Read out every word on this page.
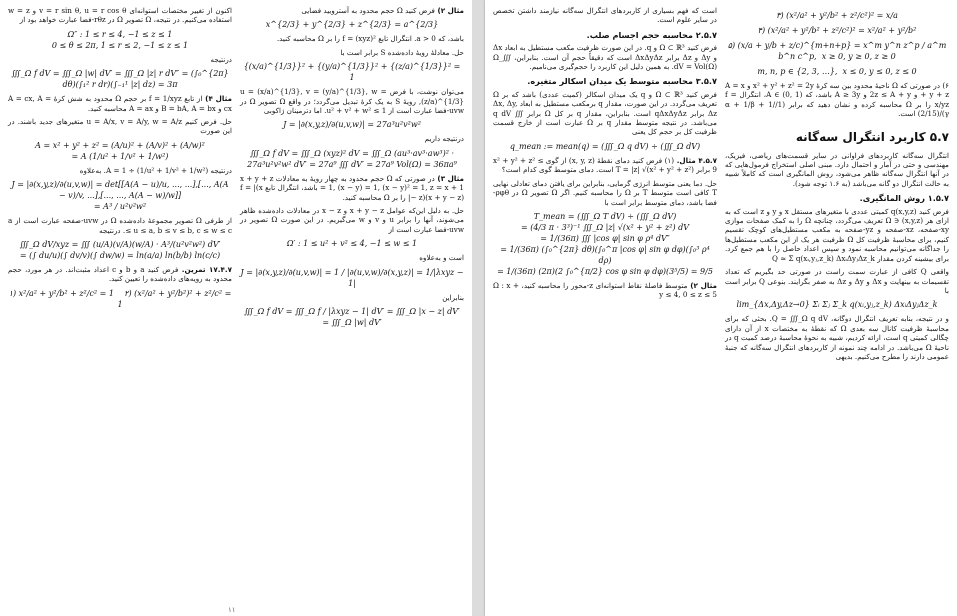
مثال ۲) فرض کنید Ω حجم محدود به آسترویید فضایی

x^{2/3} + y^{2/3} + z^{2/3} = a^{2/3}

باشد، که a > 0. انتگرال تابع f = (xyz)² را بر Ω محاسبه کنید.

حل. معادلهٔ رویهٔ داده‌شده S برابر است با

{(x/a)^{1/3}}² + {(y/a)^{1/3}}² + {(z/a)^{1/3}}² = 1

می‌توان نوشت، با فرض u = (x/a)^{1/3}, v = (y/a)^{1/3}, w = (z/a)^{1/3}, رویهٔ S به یک کرهٔ تبدیل می‌گردد؛ در واقع Ω تصویر Ω در uvw-فضا عبارت است از u² + v² + w² ≤ 1. اما دترمینان ژاکوبی

J = |∂(x,y,z)/∂(u,v,w)| = 27a³u²v²w²

درنتیجه داریم

∭_Ω f dV = ∭_Ω (xyz)² dV = ∭_Ω (au³·av³·aw³)² · 27a³u²v²w² dV′ = 27a⁹ ∭ dV′ = 27a⁹ Vol(Ω) = 36πa⁹

مثال ۳) در صورتی که Ω حجم محدود به چهار رویهٔ به معادلات x + y + z = 1, (x − y) = 1, (x − y)² = 1, z = x + 1 باشد، انتگرال تابع f = |(x − z)(x + y − z)| را بر Ω محاسبه کنید.

حل. به دلیل این‌که عوامل x + y − z و x − z در معادلات داده‌شده ظاهر می‌شوند، آنها را برابر u و v و w می‌گیریم. در این صورت Ω تصویر در uvw-فضا عبارت است از

Ω′ : 1 ≤ u² + v² ≤ 4, −1 ≤ w ≤ 1

است و به‌علاوه

J = |∂(x,y,z)/∂(u,v,w)| = 1 / |∂(u,v,w)/∂(x,y,z)| = 1/|λxyz − 1|

بنابراین

∭_Ω f dV = ∭_Ω f / |λxyz − 1| dV′ = ∭_Ω |x − z| dV′ = ∭_Ω |w| dV′

اکنون از تغییر مختصات استوانه‌ای v = r sin θ, u = r cos θ و w = z استفاده می‌کنیم. در نتیجه، Ω تصویر Ω در rθz-فضا عبارت خواهد بود از

Ω″ : 1 ≤ r ≤ 4, −1 ≤ z ≤ 1
0 ≤ θ ≤ 2π, 1 ≤ r ≤ 2, −1 ≤ z ≤ 1

درنتیجه

∭_Ω f dV = ∭_Ω |w| dV′ = ∭_Ω |z| r dV″ = (∫₀^{2π} dθ)(∫₁² r dr)(∫₋₁¹ |z| dz) = 3π

مثال ۴) از تابع f = 1/xyz بر حجم Ω محدود به شش کرهٔ A = cx, A = cx و B = bA, A = bx و A = ax محاسبه کنید.

حل. فرض کنیم u = A/x, v = A/y, w = A/z متغیرهای جدید باشند. در این صورت

A = x² + y² + z² = (A/u)² + (A/v)² + (A/w)²
= A (1/u² + 1/v² + 1/w²)

درنتیجه A = 1 ÷ (1/u² + 1/v² + 1/w²). به‌علاوه

J = |∂(x,y,z)/∂(u,v,w)| = det[[A(A − u)/u, ..., ...],[..., A(A − v)/v, ...],[..., ..., A(A − w)/w]]
= A³ / u²v²w²

از طرفی Ω تصویر مجموعهٔ داده‌شده Ω در uvw-صفحه عبارت است از a ≤ u ≤ a, b ≤ v ≤ b, c ≤ w ≤ c. درنتیجه

∭_Ω dV/xyz = ∭ (u/A)(v/A)(w/A) · A³/(u²v²w²) dV′
= (∫ du/u)(∫ dv/v)(∫ dw/w) = ln(a/a) ln(b/b) ln(c/c)

۱۷.۴.۷ تمرین. فرض کنید a و b و c اعداد مثبت‌اند. در هر مورد، حجم محدود به رویه‌های داده‌شده را تعیین کنید.

۱) x²/a² + y²/b² + z²/c² = 1    ۲) (x²/a² + y²/b²)² + z²/c² = 1
۱۱
۳) (x²/a² + y²/b² + z²/c²)² = x/a
۴) (x²/a² + y²/b² + z²/c²)² = x²/a² + y²/b²
۵) (x/a + y/b + z/c)^{m+n+p} = x^m y^n z^p / a^m b^n c^p,  x ≥ 0, y ≥ 0, z ≥ 0
m, n, p ∈ {2, 3, …},  x ≤ 0, y ≤ 0, z ≤ 0

۶) در صورتی که Ω ناحیهٔ محدود بین سه کرهٔ x² + y² + z² = 2y و A = x + y + z و 2z ≤ A + y و A ≥ 3y باشد، که A ∈ (0, 1)، انتگرال f = x/yz را بر Ω محاسبه کرده و نشان دهید که برابر (1/α + 1/β + 1/γ)/(2/15) است.

۵.۷ کاربرد انتگرال سه‌گانه

انتگرال سه‌گانه کاربردهای فراوانی در سایر قسمت‌های ریاضی، فیزیک، مهندسی و حتی در آمار و احتمال دارد. مبنی اصلی استخراج فرمول‌هایی که در آنها انتگرال سه‌گانه ظاهر می‌شود، روش المانگیری است که کاملاً شبیه به حالت انتگرال دو گانه می‌باشد (به ۱.۶ توجه شود).

۱.۵.۷ روش المانگیری.

فرض کنید q(x,y,z) کمیتی عددی با متغیرهای مستقل x و y و z است که به ازای هر (x,y,z) ∈ Ω تعریف می‌گردد، چنانچه Ω را به کمک صفحات موازی xy-صفحه، xz-صفحه و yz-صفحه به مکعب مستطیل‌های کوچک تقسیم کنیم، برای محاسبهٔ ظرفیت کل Ω ظرفیت هر یک از این مکعب مستطیل‌ها را جداگانه می‌توانیم محاسبه نمود و سپس اعداد حاصل را با هم جمع کرد. برای بیشینه کردن مقدار Q ≈ Σ q(xᵢ,yⱼ,z_k) ΔxᵢΔyⱼΔz_k

واقعی Q کافی از عبارت سمت راست در صورتی حد بگیریم که تعداد تقسیمات به بینهایت و Δx و Δy و Δz به صفر بگرایند. بنوعی Q برابر است با

lim_{Δx,Δy,Δz→0} Σᵢ Σⱼ Σ_k q(xᵢ,yⱼ,z_k) ΔxᵢΔyⱼΔz_k

و در نتیجه، بنابه تعریف انتگرال دوگانه، Q = ∭_Ω q dV. بحثی که برای محاسبهٔ ظرفیت کانال سه بعدی Ω که نقطهٔ به مختصات x از آن دارای چگالی کمیتی q است، ارائه کردیم، شبیه به نحوهٔ محاسبهٔ درصد کمیت q در ناحیهٔ Ω می‌باشد. در ادامه چند نمونه از کاربردهای انتگرال سه‌گانه که جنبهٔ عمومی دارند را مطرح می‌کنیم. بدیهی

است که فهم بسیاری از کاربردهای انتگرال سه‌گانه نیازمند داشتن تخصص در سایر علوم است.

۲.۵.۷ محاسبه حجم اجسام صلب.

فرض کنید Ω ⊂ ℝ³ و q. در این صورت ظرفیت مکعب مستطیل به ابعاد Δx و Δy و Δz برابر ΔxΔyΔz است که دقیقاً حجم آن است. بنابراین، ∭_Ω dV = Vol(Ω). به همین دلیل این کاربرد را حجم‌گیری می‌نامیم.

۳.۵.۷ محاسبه متوسط یک میدان اسکالر متغیره.

فرض کنید Ω ⊂ ℝ³ و q یک میدان اسکالر (کمیت عددی) باشد که بر Ω تعریف می‌گردد. در این صورت، مقدار q برمکعب مستطیل به ابعاد Δx, Δy, Δz برابر qΔxΔyΔz است. بنابراین، مقدار q بر کل Ω برابر ∭ q dV می‌باشد. در نتیجه متوسط مقدار q بر Ω عبارت است از خارج قسمت ظرفیت کل بر حجم کل یعنی

q_mean := mean(q) = (∭_Ω q dV) ÷ (∭_Ω dV)

۴.۵.۷ مثال. (۱) فرض کنید دمای نقطهٔ (x, y, z) از گوی x² + y² + z² ≤ 9 برابر T = |z| √(x² + y² + z²) است. دمای متوسط گوی کدام است؟

حل. دما یعنی متوسط انرژی گرمایی، بنابراین برای یافتن دمای تعادلی نهایی T کافی است متوسط T بر Ω را محاسبه کنیم. اگر Ω تصویر Ω در ρφθ-فضا باشد، دمای متوسط برابر است با

T_mean = (∭_Ω T dV) ÷ (∭_Ω dV)
= (4/3 π · 3³)⁻¹ ∭_Ω |z| √(x² + y² + z²) dV
= 1/(36π) ∭ |cos φ| sin φ ρ⁴ dV″
= 1/(36π) (∫₀^{2π} dθ)(∫₀^π |cos φ| sin φ dφ)(∫₀³ ρ⁴ dρ)
= 1/(36π) (2π)(2 ∫₀^{π/2} cos φ sin φ dφ)(3⁵/5) = 9/5

مثال ۲) متوسط فاصلهٔ نقاط استوانه‌ای z-محور را محاسبه کنید، Ω : x + y ≤ 4, 0 ≤ z ≤ 5
